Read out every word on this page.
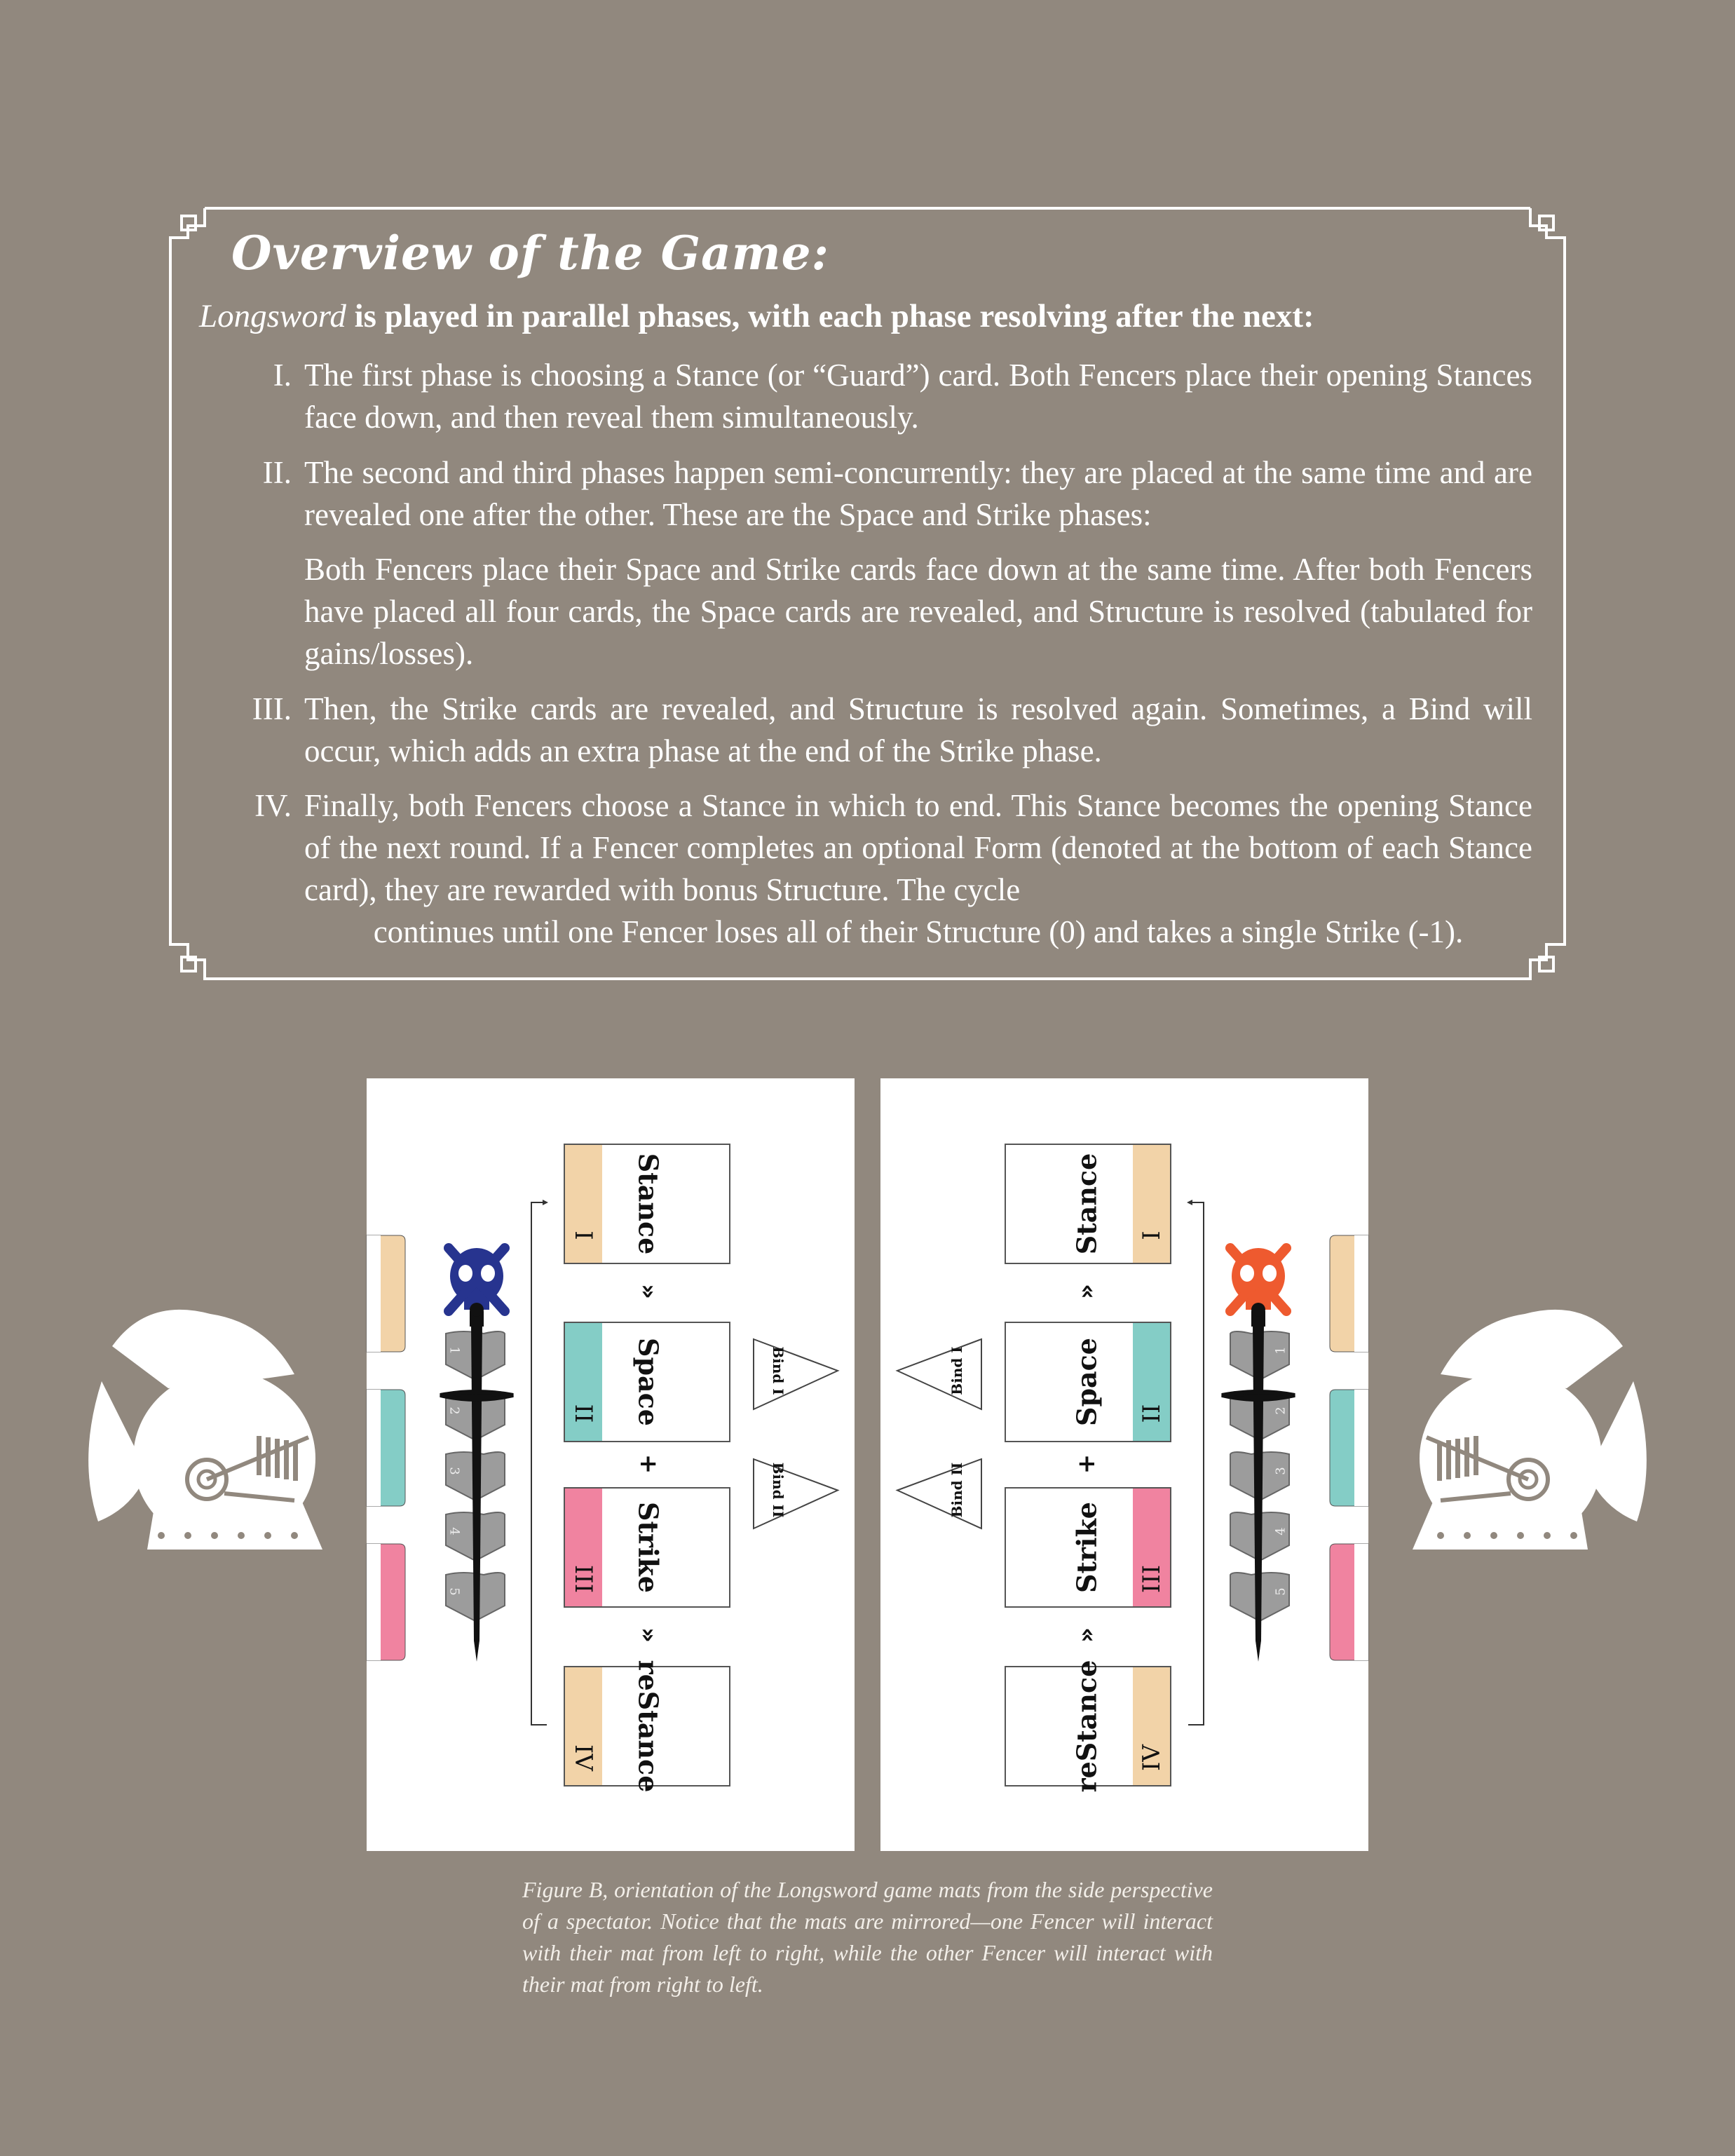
Overview of the Game:
Longsword is played in parallel phases, with each phase resolving after the next:
I. The first phase is choosing a Stance (or “Guard”) card. Both Fencers place their opening Stances face down, and then reveal them simultaneously.
II. The second and third phases happen semi-concurrently: they are placed at the same time and are revealed one after the other. These are the Space and Strike phases:
Both Fencers place their Space and Strike cards face down at the same time. After both Fencers have placed all four cards, the Space cards are revealed, and Structure is resolved (tabulated for gains/losses).
III. Then, the Strike cards are revealed, and Structure is resolved again. Sometimes, a Bind will occur, which adds an extra phase at the end of the Strike phase.
IV. Finally, both Fencers choose a Stance in which to end. This Stance becomes the opening Stance of the next round. If a Fencer completes an optional Form (denoted at the bottom of each Stance card), they are rewarded with bonus Structure. The cycle
continues until one Fencer loses all of their Structure (0) and takes a single Strike (-1).
Stance
I
Space
II
Strike
III
reStance
IV
Stance I
Space II
Strike III
reStance IV
»	»
+	+
»	»
Bind I	Bind I
Bind II	Bind II
1	1
2	2
3	3
4	4
5	5
Figure B, orientation of the Longsword game mats from the side perspective of a spectator. Notice that the mats are mirrored—one Fencer will interact with their mat from left to right, while the other Fencer will interact with their mat from right to left.
